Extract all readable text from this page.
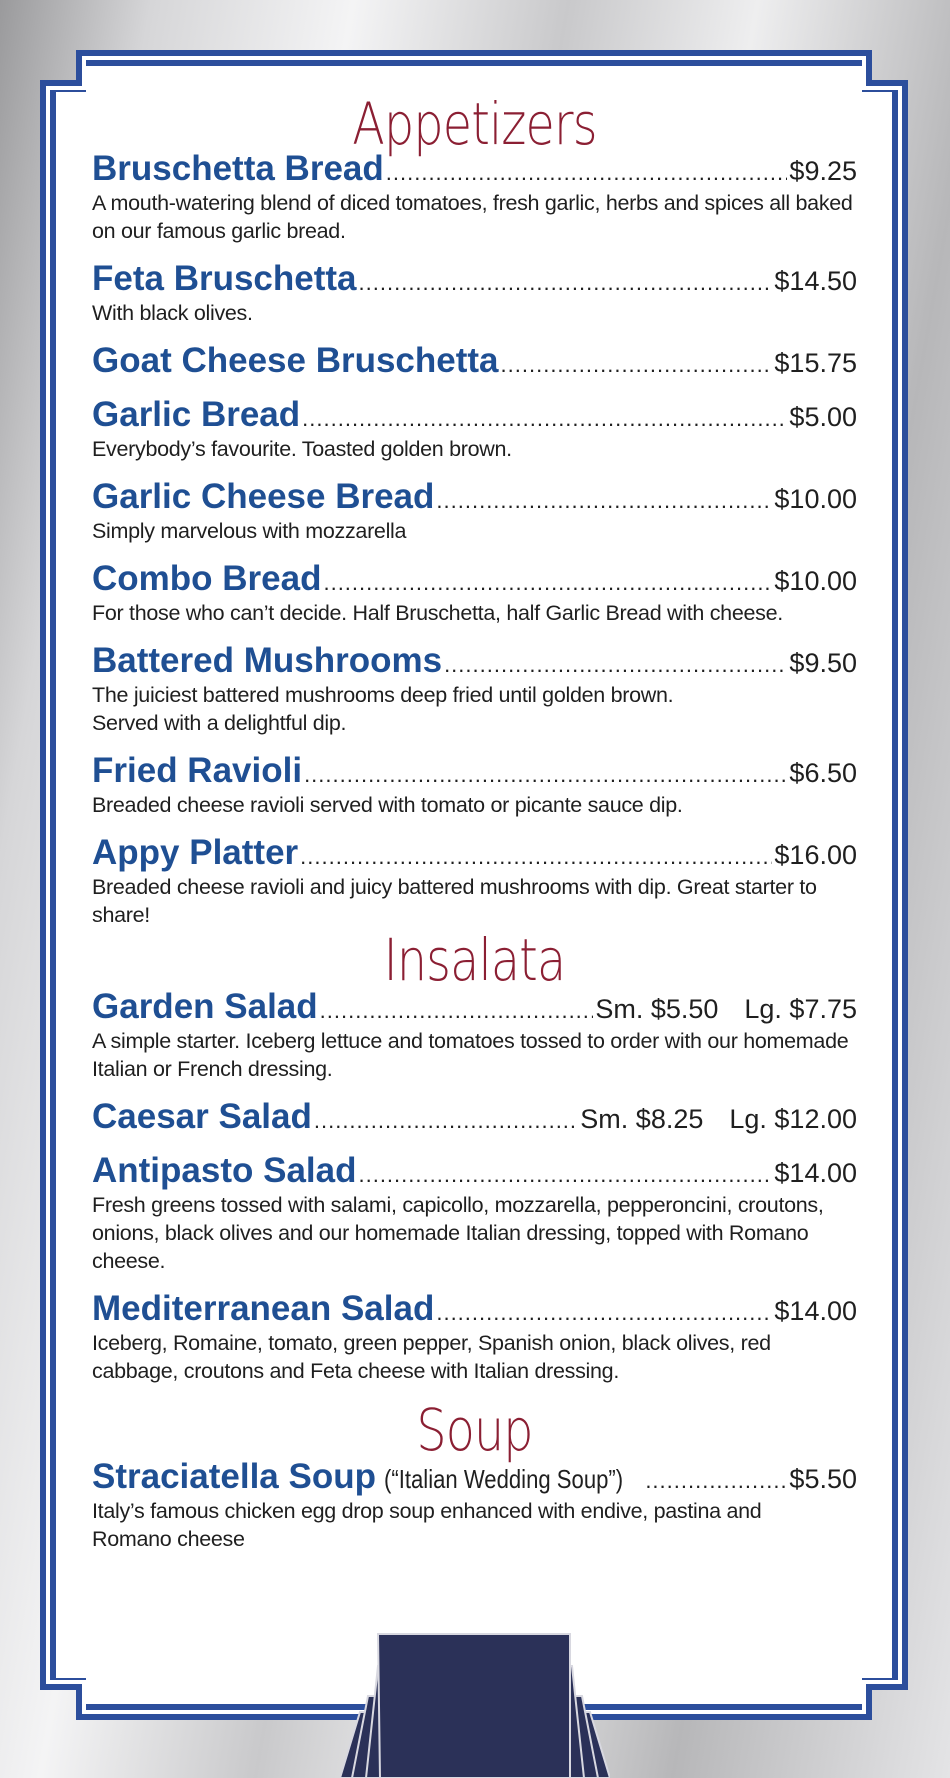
Appetizers
Bruschetta Bread .....	$9.25

A mouth-watering blend of diced tomatoes, fresh garlic, herbs and spices all baked on our famous garlic bread.

Feta Bruschetta .....	$14.50

With black olives.

Goat Cheese Bruschetta .....	$15.75
Garlic Bread .....	$5.00

Everybody’s favourite. Toasted golden brown.

Garlic Cheese Bread .....	$10.00

Simply marvelous with mozzarella

Combo Bread .....	$10.00

For those who can’t decide. Half Bruschetta, half Garlic Bread with cheese.

Battered Mushrooms .....	$9.50

The juiciest battered mushrooms deep fried until golden brown. Served with a delightful dip.

Fried Ravioli .....	$6.50

Breaded cheese ravioli served with tomato or picante sauce dip.

Appy Platter .....	$16.00

Breaded cheese ravioli and juicy battered mushrooms with dip. Great starter to share!

Insalata
Garden Salad .....	Sm. $5.50 Lg. $7.75

A simple starter. Iceberg lettuce and tomatoes tossed to order with our homemade Italian or French dressing.

Caesar Salad .....	Sm. $8.25 Lg. $12.00
Antipasto Salad .....	$14.00

Fresh greens tossed with salami, capicollo, mozzarella, pepperoncini, croutons, onions, black olives and our homemade Italian dressing, topped with Romano cheese.

Mediterranean Salad .....	$14.00

Iceberg, Romaine, tomato, green pepper, Spanish onion, black olives, red cabbage, croutons and Feta cheese with Italian dressing.

Soup
Straciatella Soup (“Italian Wedding Soup”) .....	$5.50

Italy’s famous chicken egg drop soup enhanced with endive, pastina and Romano cheese
